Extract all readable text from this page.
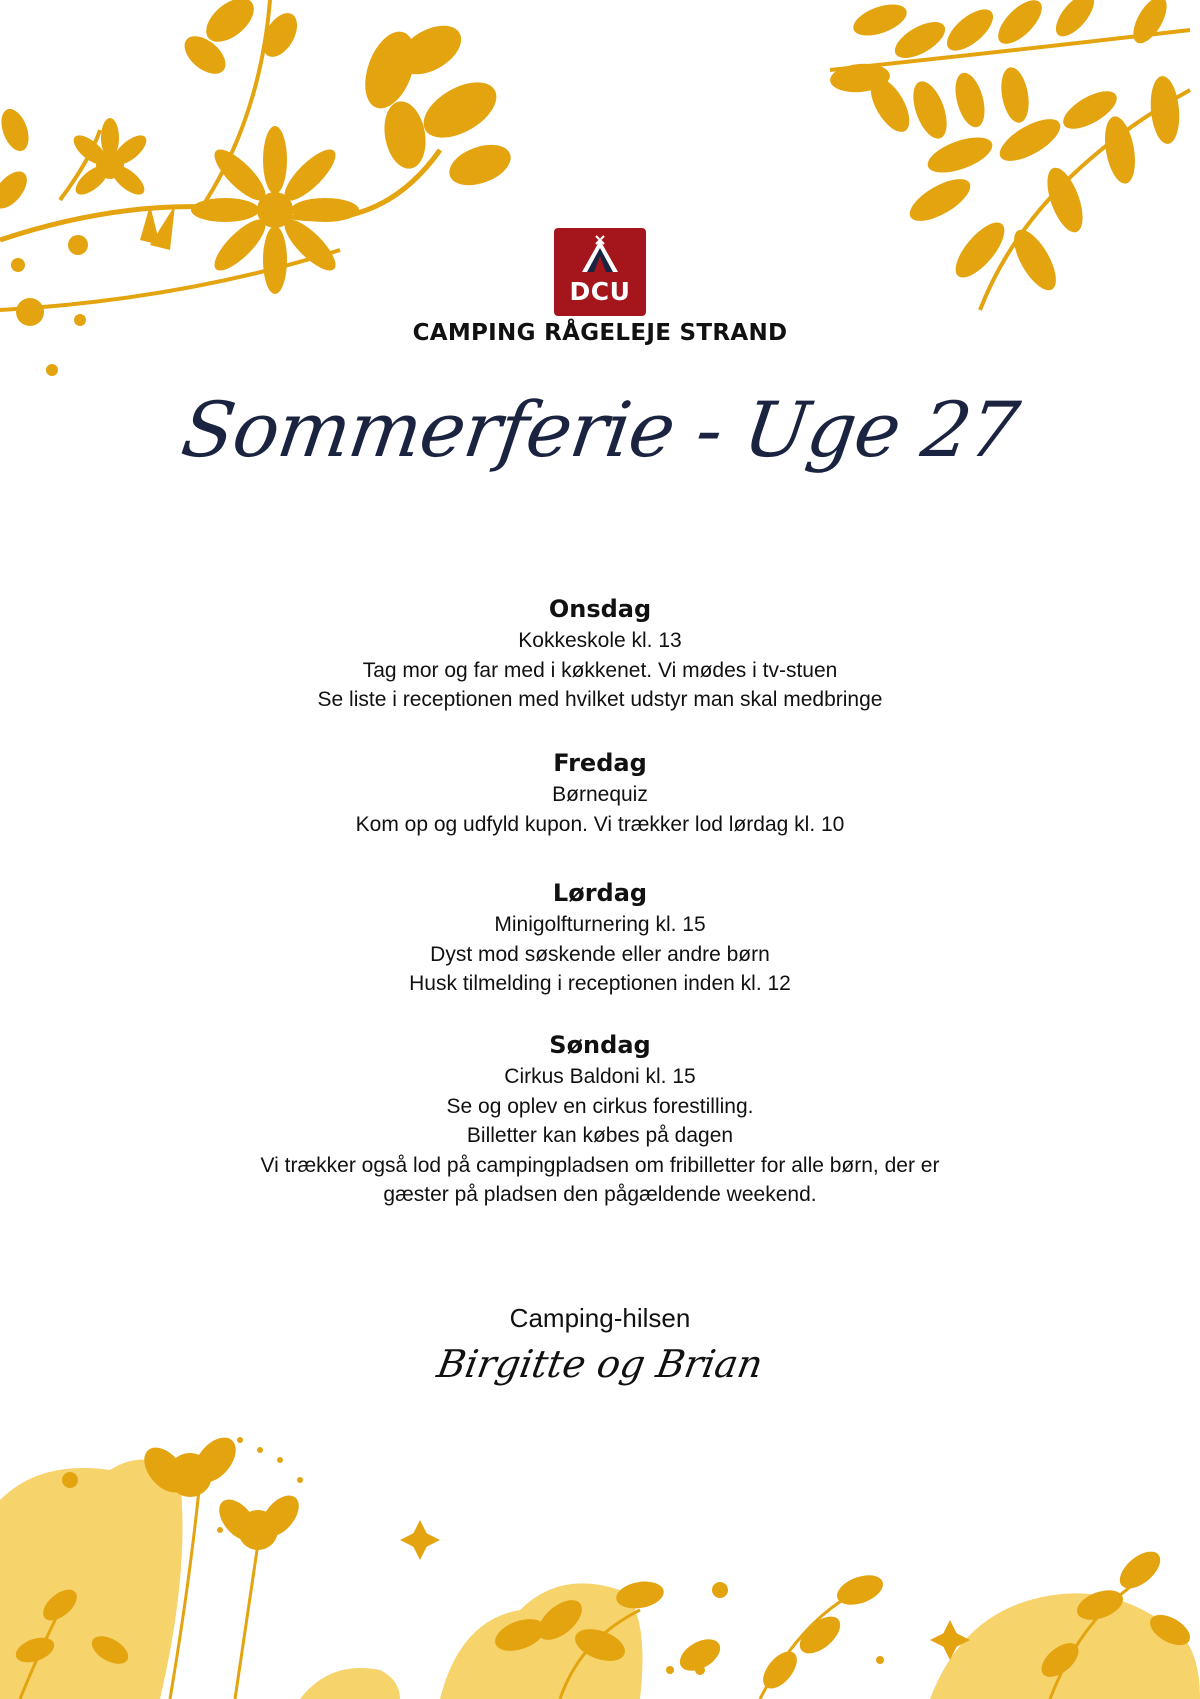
DCU
CAMPING RÅGELEJE STRAND
Sommerferie - Uge 27

Onsdag

Kokkeskole kl. 13

Tag mor og far med i køkkenet. Vi mødes i tv-stuen

Se liste i receptionen med hvilket udstyr man skal medbringe

Fredag

Børnequiz

Kom op og udfyld kupon. Vi trækker lod lørdag kl. 10

Lørdag

Minigolfturnering kl. 15

Dyst mod søskende eller andre børn

Husk tilmelding i receptionen inden kl. 12

Søndag

Cirkus Baldoni kl. 15

Se og oplev en cirkus forestilling.

Billetter kan købes på dagen

Vi trækker også lod på campingpladsen om fribilletter for alle børn, der er

gæster på pladsen den pågældende weekend.

Camping-hilsen
Birgitte og Brian
